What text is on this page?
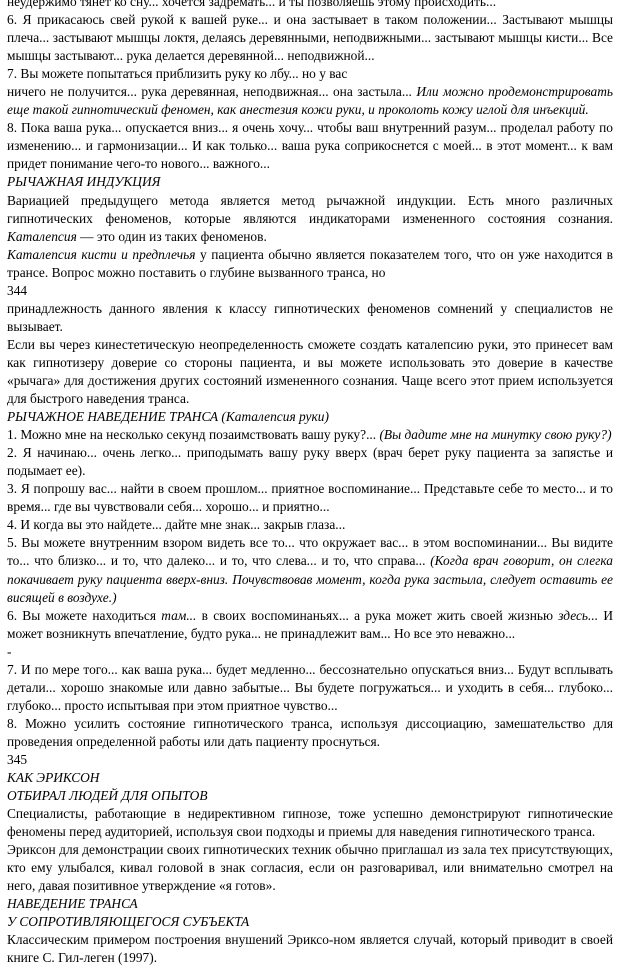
неудержимо тянет ко сну... хочется задремать... и ты позволяешь этому происходить...

6. Я прикасаюсь свей рукой к вашей руке... и она застывает в таком положении... Застывают мышцы плеча... застывают мышцы локтя, делаясь деревянными, неподвижными... застывают мышцы кисти... Все мышцы застывают... рука делается деревянной... неподвижной...

7. Вы можете попытаться приблизить руку ко лбу... но у вас

ничего не получится... рука деревянная, неподвижная... она застыла... Или можно продемонстрировать еще такой гипнотический феномен, как анестезия кожи руки, и проколоть кожу иглой для инъекций.

8. Пока ваша рука... опускается вниз... я очень хочу... чтобы ваш внутренний разум... проделал работу по изменению... и гармонизации... И как только... ваша рука соприкоснется с моей... в этот момент... к вам придет понимание чего-то нового... важного...

РЫЧАЖНАЯ ИНДУКЦИЯ

Вариацией предыдущего метода является метод рычажной индукции. Есть много различных гипнотических феноменов, которые являются индикаторами измененного состояния сознания. Каталепсия — это один из таких феноменов.

Каталепсия кисти и предплечья у пациента обычно является показателем того, что он уже находится в трансе. Вопрос можно поставить о глубине вызванного транса, но

344

принадлежность данного явления к классу гипнотических феноменов сомнений у специалистов не вызывает.

Если вы через кинестетическую неопределенность сможете создать каталепсию руки, это принесет вам как гипнотизеру доверие со стороны пациента, и вы можете использовать это доверие в качестве «рычага» для достижения других состояний измененного сознания. Чаще всего этот прием используется для быстрого наведения транса.

РЫЧАЖНОЕ НАВЕДЕНИЕ ТРАНСА (Каталепсия руки)

1. Можно мне на несколько секунд позаимствовать вашу руку?... (Вы дадите мне на минутку свою руку?)

2. Я начинаю... очень легко... приподымать вашу руку вверх (врач берет руку пациента за запястье и подымает ее).

3. Я попрошу вас... найти в своем прошлом... приятное воспоминание... Представьте себе то место... и то время... где вы чувствовали себя... хорошо... и приятно...

4. И когда вы это найдете... дайте мне знак... закрыв глаза...

5. Вы можете внутренним взором видеть все то... что окружает вас... в этом воспоминании... Вы видите то... что близко... и то, что далеко... и то, что слева... и то, что справа... (Когда врач говорит, он слегка покачивает руку пациента вверх-вниз. Почувствовав момент, когда рука застыла, следует оставить ее висящей в воздухе.)

6. Вы можете находиться там... в своих воспоминаньях... а рука может жить своей жизнью здесь... И может возникнуть впечатление, будто рука... не принадлежит вам... Но все это неважно...

-

7. И по мере того... как ваша рука... будет медленно... бессознательно опускаться вниз... Будут всплывать детали... хорошо знакомые или давно забытые... Вы будете погружаться... и уходить в себя... глубоко... глубоко... просто испытывая при этом приятное чувство...

8. Можно усилить состояние гипнотического транса, используя диссоциацию, замешательство для проведения определенной работы или дать пациенту проснуться.

345

КАК ЭРИКСОН

ОТБИРАЛ ЛЮДЕЙ ДЛЯ ОПЫТОВ

Специалисты, работающие в недирективном гипнозе, тоже успешно демонстрируют гипнотические феномены перед аудиторией, используя свои подходы и приемы для наведения гипнотического транса.

Эриксон для демонстрации своих гипнотических техник обычно приглашал из зала тех присутствующих, кто ему улыбался, кивал головой в знак согласия, если он разговаривал, или внимательно смотрел на него, давая позитивное утверждение «я готов».

НАВЕДЕНИЕ ТРАНСА

У СОПРОТИВЛЯЮЩЕГОСЯ СУБЪЕКТА

Классическим примером построения внушений Эриксо-ном является случай, который приводит в своей книге С. Гил-леген (1997).
